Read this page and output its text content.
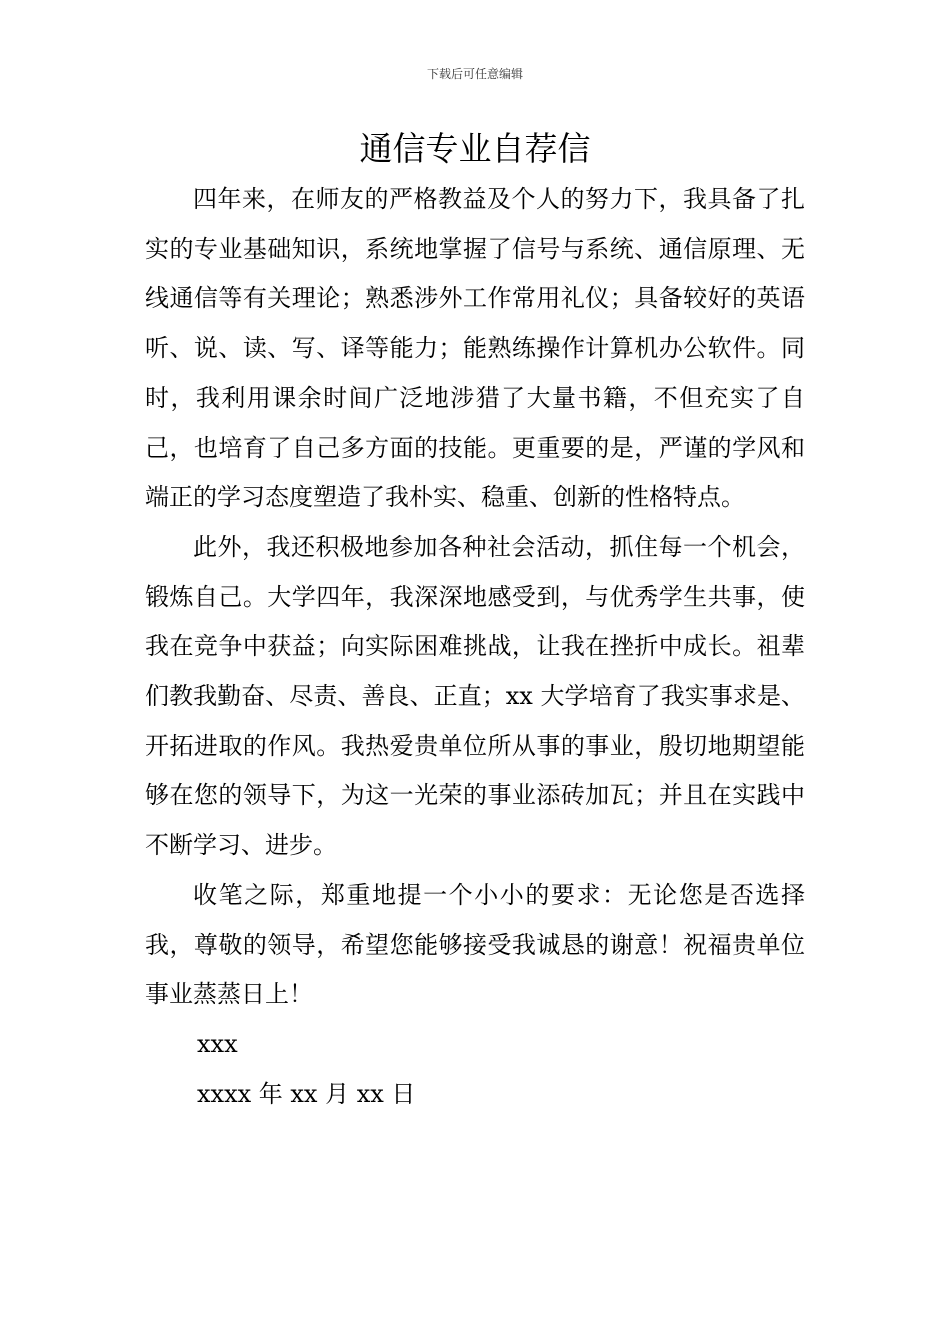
下载后可任意编辑
通信专业自荐信

四年来，在师友的严格教益及个人的努力下，我具备了扎实的专业基础知识，系统地掌握了信号与系统、通信原理、无线通信等有关理论；熟悉涉外工作常用礼仪；具备较好的英语听、说、读、写、译等能力；能熟练操作计算机办公软件。同时，我利用课余时间广泛地涉猎了大量书籍，不但充实了自己，也培育了自己多方面的技能。更重要的是，严谨的学风和端正的学习态度塑造了我朴实、稳重、创新的性格特点。

此外，我还积极地参加各种社会活动，抓住每一个机会，锻炼自己。大学四年，我深深地感受到，与优秀学生共事，使我在竞争中获益；向实际困难挑战，让我在挫折中成长。祖辈们教我勤奋、尽责、善良、正直；xx 大学培育了我实事求是、开拓进取的作风。我热爱贵单位所从事的事业，殷切地期望能够在您的领导下，为这一光荣的事业添砖加瓦；并且在实践中不断学习、进步。

收笔之际，郑重地提一个小小的要求：无论您是否选择我，尊敬的领导，希望您能够接受我诚恳的谢意！祝福贵单位事业蒸蒸日上！

xxx

xxxx 年 xx 月 xx 日
